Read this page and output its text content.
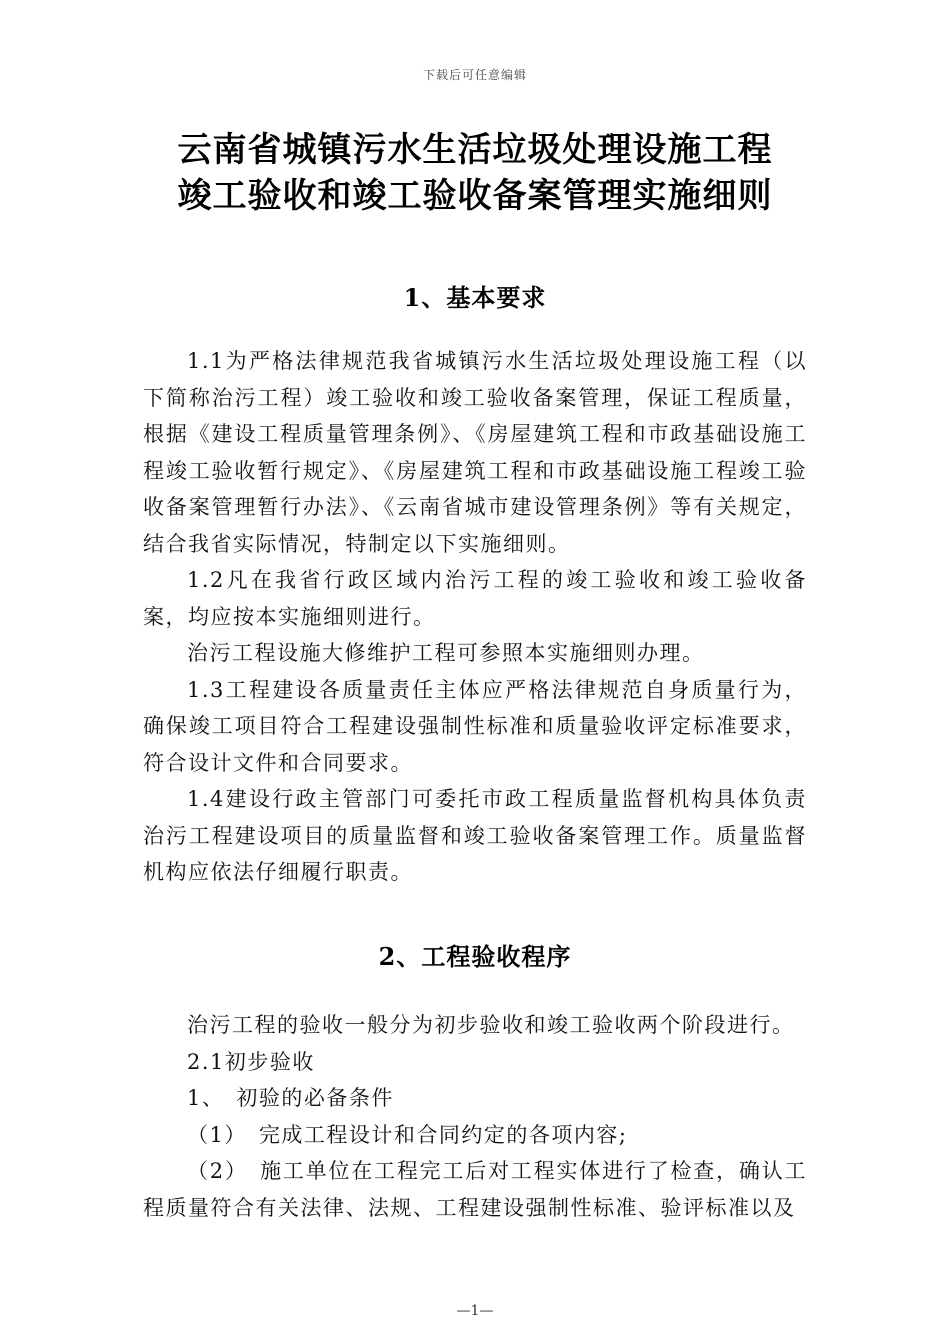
下载后可任意编辑
云南省城镇污水生活垃圾处理设施工程
竣工验收和竣工验收备案管理实施细则
1、基本要求

1.1为严格法律规范我省城镇污水生活垃圾处理设施工程（以下简称治污工程）竣工验收和竣工验收备案管理，保证工程质量，根据《建设工程质量管理条例》、《房屋建筑工程和市政基础设施工程竣工验收暂行规定》、《房屋建筑工程和市政基础设施工程竣工验收备案管理暂行办法》、《云南省城市建设管理条例》等有关规定，结合我省实际情况，特制定以下实施细则。

1.2凡在我省行政区域内治污工程的竣工验收和竣工验收备案，均应按本实施细则进行。

治污工程设施大修维护工程可参照本实施细则办理。

1.3工程建设各质量责任主体应严格法律规范自身质量行为，确保竣工项目符合工程建设强制性标准和质量验收评定标准要求，符合设计文件和合同要求。

1.4建设行政主管部门可委托市政工程质量监督机构具体负责治污工程建设项目的质量监督和竣工验收备案管理工作。质量监督机构应依法仔细履行职责。

2、工程验收程序

治污工程的验收一般分为初步验收和竣工验收两个阶段进行。

2.1初步验收

1、　初验的必备条件

（1）　完成工程设计和合同约定的各项内容;

（2）　施工单位在工程完工后对工程实体进行了检查，确认工程质量符合有关法律、法规、工程建设强制性标准、验评标准以及

—1—
